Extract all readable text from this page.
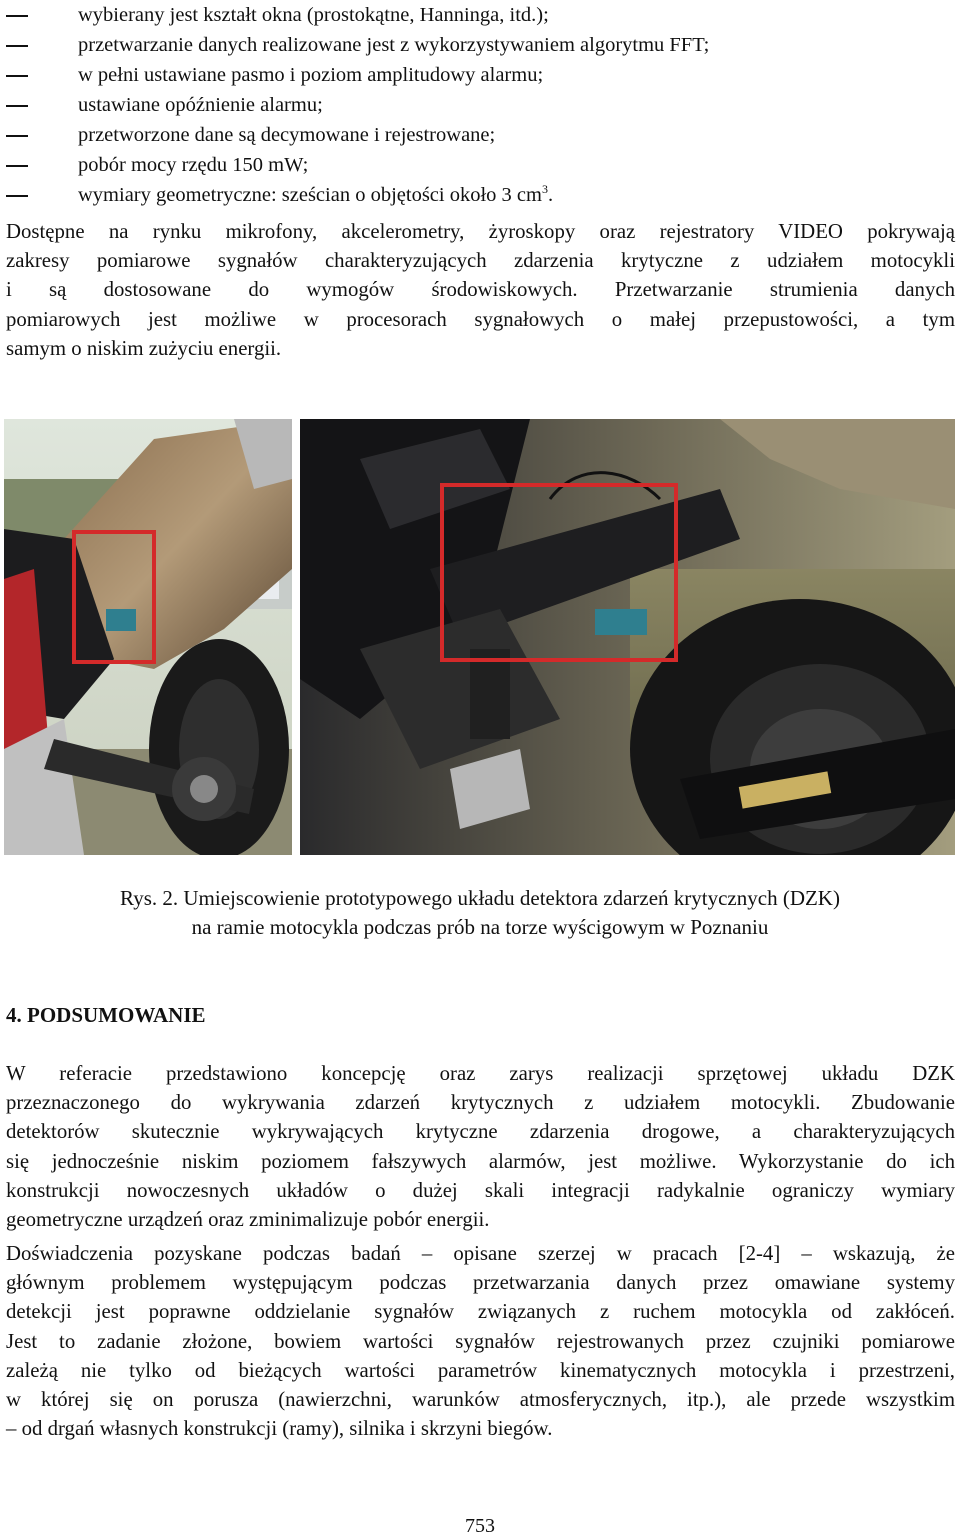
wybierany jest kształt okna (prostokątne, Hanninga, itd.);
przetwarzanie danych realizowane jest z wykorzystywaniem algorytmu FFT;
w pełni ustawiane pasmo i poziom amplitudowy alarmu;
ustawiane opóźnienie alarmu;
przetworzone dane są decymowane i rejestrowane;
pobór mocy rzędu 150 mW;
wymiary geometryczne: sześcian o objętości około 3 $cm^3$.
Dostępne na rynku mikrofony, akcelerometry, żyroskopy oraz rejestratory VIDEO pokrywają
zakresy pomiarowe sygnałów charakteryzujących zdarzenia krytyczne z udziałem motocykli
i są dostosowane do wymogów środowiskowych. Przetwarzanie strumienia danych
pomiarowych jest możliwe w procesorach sygnałowych o małej przepustowości, a tym
samym o niskim zużyciu energii.
Rys. 2. Umiejscowienie prototypowego układu detektora zdarzeń krytycznych (DZK)
na ramie motocykla podczas prób na torze wyścigowym w Poznaniu
4. PODSUMOWANIE
W referacie przedstawiono koncepcję oraz zarys realizacji sprzętowej układu DZK
przeznaczonego do wykrywania zdarzeń krytycznych z udziałem motocykli. Zbudowanie
detektorów skutecznie wykrywających krytyczne zdarzenia drogowe, a charakteryzujących
się jednocześnie niskim poziomem fałszywych alarmów, jest możliwe. Wykorzystanie do ich
konstrukcji nowoczesnych układów o dużej skali integracji radykalnie ograniczy wymiary
geometryczne urządzeń oraz zminimalizuje pobór energii.
Doświadczenia pozyskane podczas badań – opisane szerzej w pracach [2-4] – wskazują, że
głównym problemem występującym podczas przetwarzania danych przez omawiane systemy
detekcji jest poprawne oddzielanie sygnałów związanych z ruchem motocykla od zakłóceń.
Jest to zadanie złożone, bowiem wartości sygnałów rejestrowanych przez czujniki pomiarowe
zależą nie tylko od bieżących wartości parametrów kinematycznych motocykla i przestrzeni,
w której się on porusza (nawierzchni, warunków atmosferycznych, itp.), ale przede wszystkim
– od drgań własnych konstrukcji (ramy), silnika i skrzyni biegów.
753
